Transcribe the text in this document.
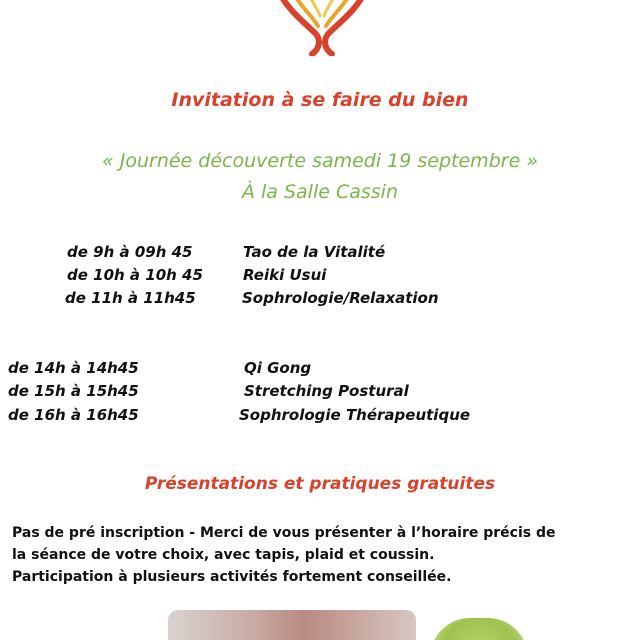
Invitation à se faire du bien
« Journée découverte samedi 19 septembre »
À la Salle Cassin
de 9h à 09h 45	Tao de la Vitalité
de 10h à 10h 45	Reiki Usui
de 11h à 11h45	Sophrologie/Relaxation
de 14h à 14h45	Qi Gong
de 15h à 15h45	Stretching Postural
de 16h à 16h45	Sophrologie Thérapeutique
Présentations et pratiques gratuites
Pas de pré inscription - Merci de vous présenter à l’horaire précis de
la séance de votre choix, avec tapis, plaid et coussin.
Participation à plusieurs activités fortement conseillée.
